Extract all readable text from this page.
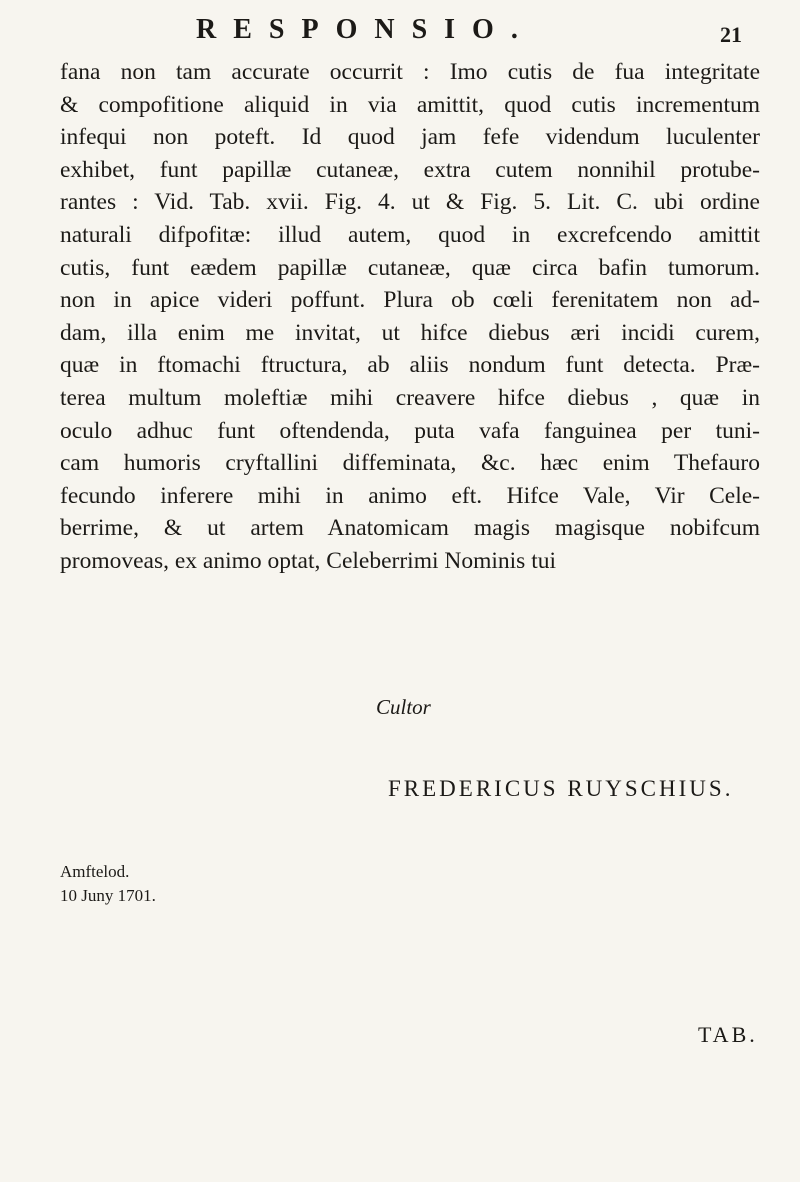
RESPONSIO.	21
fana non tam accurate occurrit : Imo cutis de fua integritate
& compofitione aliquid in via amittit, quod cutis incrementum
infequi non poteft. Id quod jam fefe videndum luculenter
exhibet, funt papillæ cutaneæ, extra cutem nonnihil protube-
rantes : Vid. Tab. xvii. Fig. 4. ut & Fig. 5. Lit. C. ubi ordine
naturali difpofitæ: illud autem, quod in excrefcendo amittit
cutis, funt eædem papillæ cutaneæ, quæ circa bafin tumorum.
non in apice videri poffunt. Plura ob cœli ferenitatem non ad-
dam, illa enim me invitat, ut hifce diebus æri incidi curem,
quæ in ftomachi ftructura, ab aliis nondum funt detecta. Præ-
terea multum moleftiæ mihi creavere hifce diebus , quæ in
oculo adhuc funt oftendenda, puta vafa fanguinea per tuni-
cam humoris cryftallini diffeminata, &c. hæc enim Thefauro
fecundo inferere mihi in animo eft. Hifce Vale, Vir Cele-
berrime, & ut artem Anatomicam magis magisque nobifcum
promoveas, ex animo optat, Celeberrimi Nominis tui
Cultor
FREDERICUS RUYSCHIUS.
Amftelod.
10 Juny 1701.
TAB.
